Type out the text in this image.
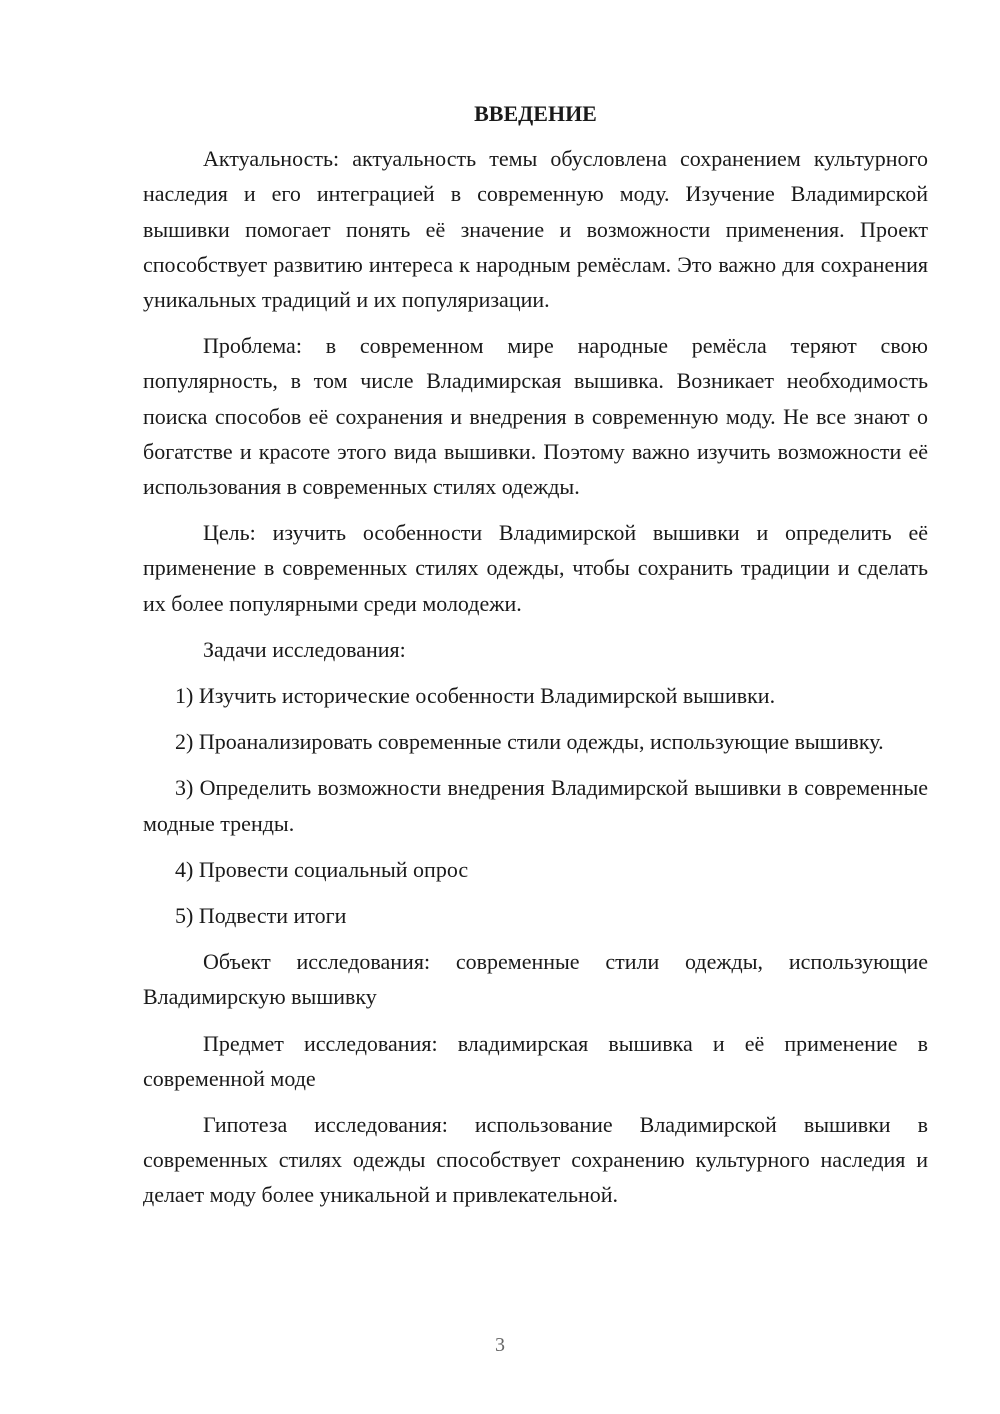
ВВЕДЕНИЕ

Актуальность: актуальность темы обусловлена сохранением культурного наследия и его интеграцией в современную моду. Изучение Владимирской вышивки помогает понять её значение и возможности применения. Проект способствует развитию интереса к народным ремёслам. Это важно для сохранения уникальных традиций и их популяризации.

Проблема: в современном мире народные ремёсла теряют свою популярность, в том числе Владимирская вышивка. Возникает необходимость поиска способов её сохранения и внедрения в современную моду. Не все знают о богатстве и красоте этого вида вышивки. Поэтому важно изучить возможности её использования в современных стилях одежды.

Цель: изучить особенности Владимирской вышивки и определить её применение в современных стилях одежды, чтобы сохранить традиции и сделать их более популярными среди молодежи.

Задачи исследования:

1) Изучить исторические особенности Владимирской вышивки.

2) Проанализировать современные стили одежды, использующие вышивку.

3) Определить возможности внедрения Владимирской вышивки в современные модные тренды.

4) Провести социальный опрос

5) Подвести итоги

Объект исследования: современные стили одежды, использующие Владимирскую вышивку

Предмет исследования: владимирская вышивка и её применение в современной моде

Гипотеза исследования: использование Владимирской вышивки в современных стилях одежды способствует сохранению культурного наследия и делает моду более уникальной и привлекательной.

3
